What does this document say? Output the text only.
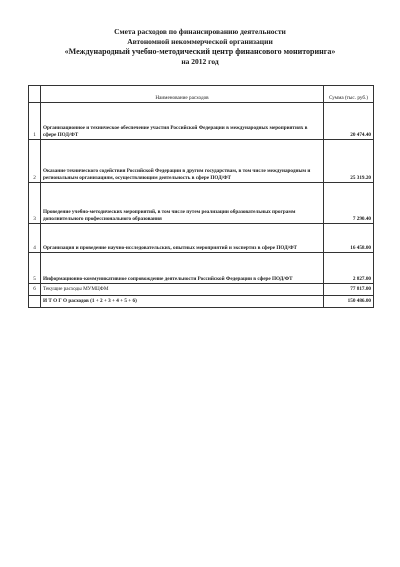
Смета расходов по финансированию деятельности
Автономной некоммерческой организации
«Международный учебно-методический центр финансового мониторинга»
на 2012 год
	Наименование расходов	Сумма (тыс. руб.)
1	Организационное и техническое обеспечение участия Российской Федерации в международных мероприятиях в сфере ПОД/ФТ	20 474.40
2	Оказание технического содействия Российской Федерации в другим государствам, в том числе международным и региональным организациям, осуществляющим деятельность в сфере ПОД/ФТ	25 319.20
3	Проведение учебно-методических мероприятий, в том числе путем реализации образовательных программ дополнительного профессионального образования	7 290.40
4	Организация и проведение научно-исследовательских, опытных мероприятий и экспертиз в сфере ПОД/ФТ	16 458.00
5	Информационно-коммуникативное сопровождение деятельности Российской Федерации в сфере ПОД/ФТ	2 827.00
6	Текущие расходы МУМЦФМ	77 817.00
	И Т О Г О расходов (1 + 2 + 3 + 4 + 5 + 6)	150 486.00
